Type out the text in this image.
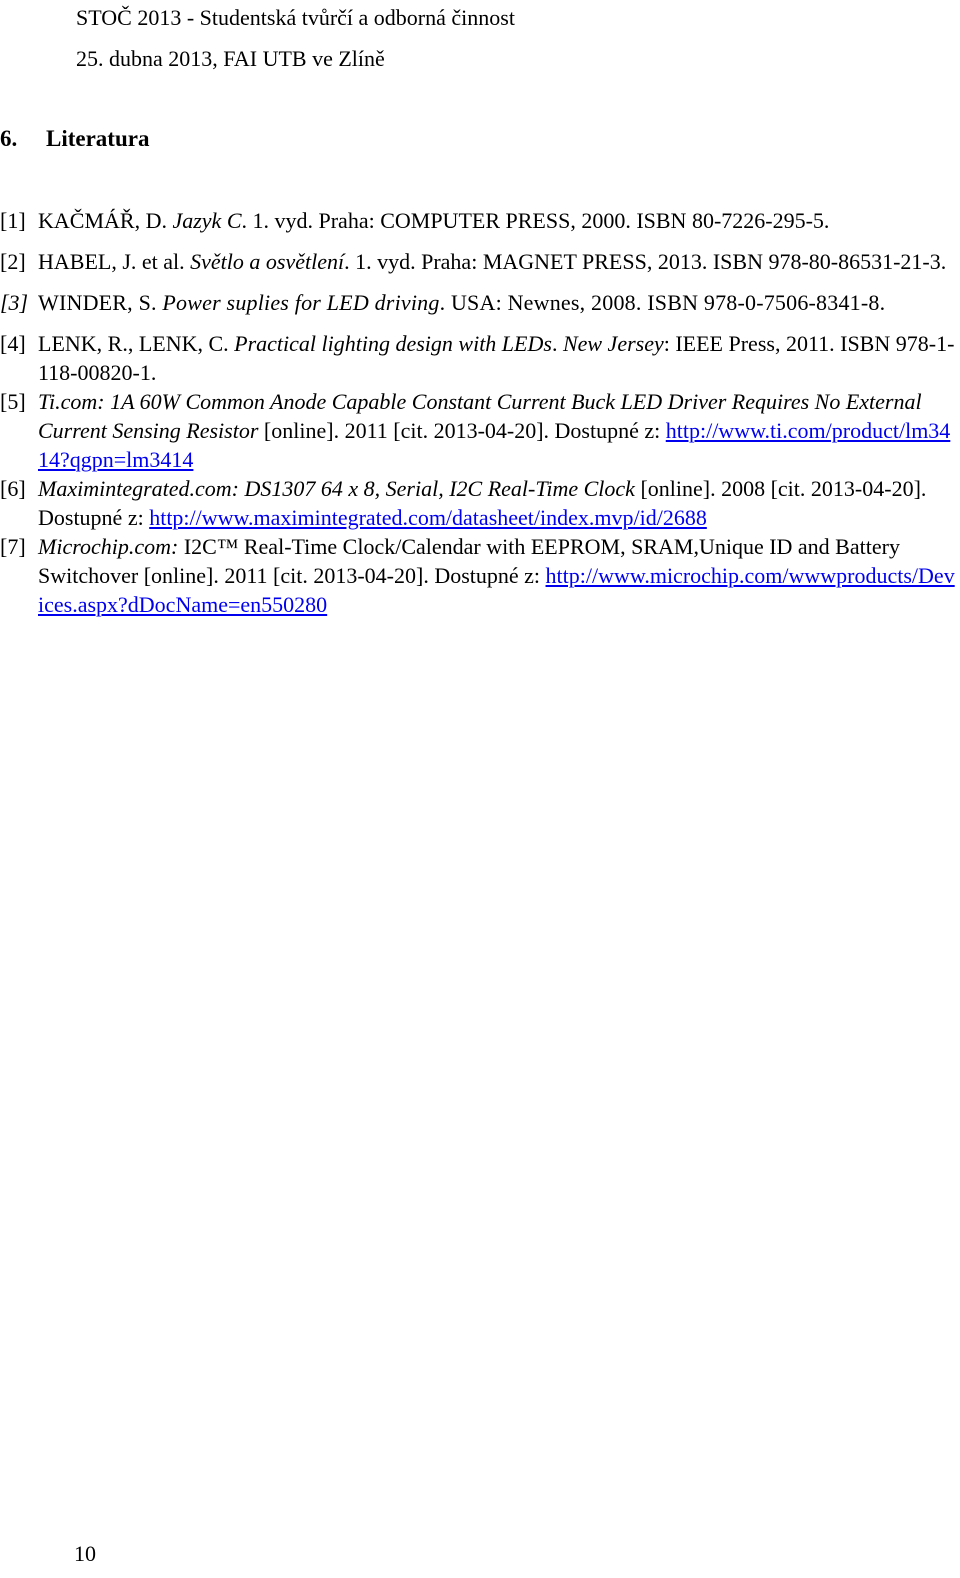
STOČ 2013 - Studentská tvůrčí a odborná činnost
25. dubna 2013, FAI UTB ve Zlíně
6. Literatura

[1] KAČMÁŘ, D. Jazyk C. 1. vyd. Praha: COMPUTER PRESS, 2000. ISBN 80-7226-295-5.

[2] HABEL, J. et al. Světlo a osvětlení. 1. vyd. Praha: MAGNET PRESS, 2013. ISBN 978-80-86531-21-3.

[3] WINDER, S. Power suplies for LED driving. USA: Newnes, 2008. ISBN 978-0-7506-8341-8.

[4] LENK, R., LENK, C. Practical lighting design with LEDs. New Jersey: IEEE Press, 2011. ISBN 978-1-118-00820-1.

[5] Ti.com: 1A 60W Common Anode Capable Constant Current Buck LED Driver Requires No External Current Sensing Resistor [online]. 2011 [cit. 2013-04-20]. Dostupné z: http://www.ti.com/product/lm3414?qgpn=lm3414

[6] Maximintegrated.com: DS1307 64 x 8, Serial, I2C Real-Time Clock [online]. 2008 [cit. 2013-04-20]. Dostupné z: http://www.maximintegrated.com/datasheet/index.mvp/id/2688

[7] Microchip.com: I2C™ Real-Time Clock/Calendar with EEPROM, SRAM,Unique ID and Battery Switchover [online]. 2011 [cit. 2013-04-20]. Dostupné z: http://www.microchip.com/wwwproducts/Devices.aspx?dDocName=en550280

10
